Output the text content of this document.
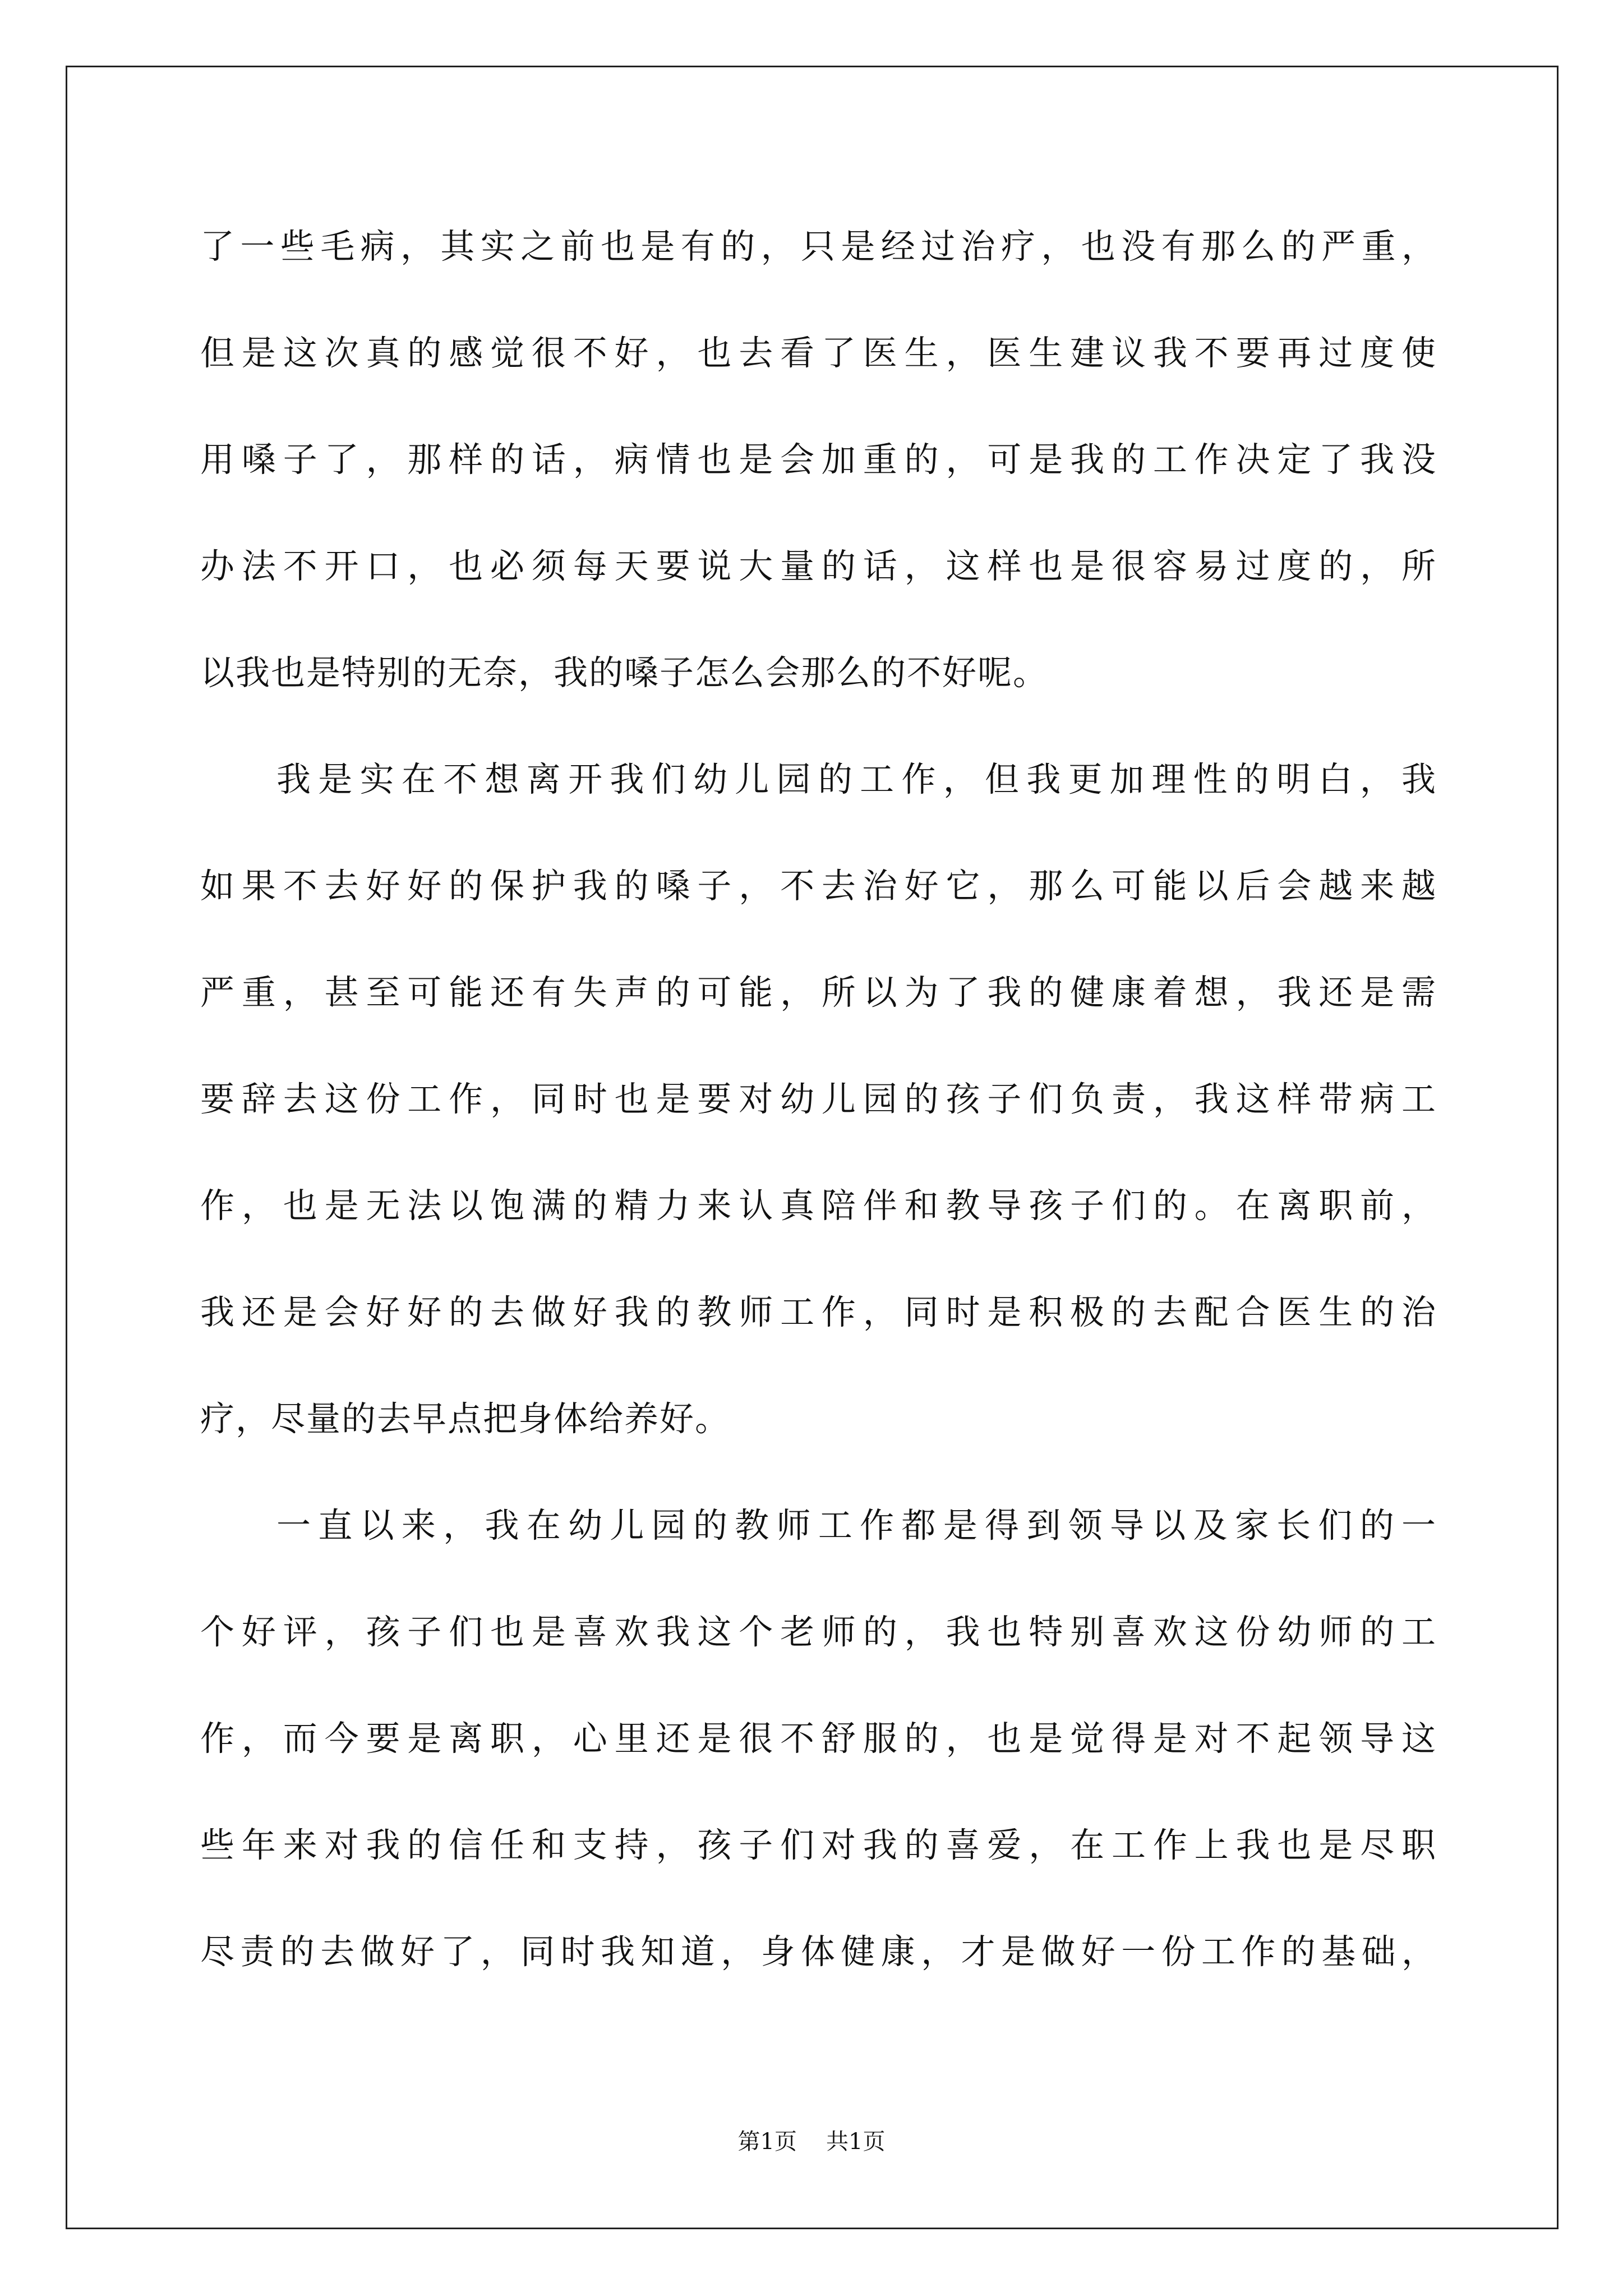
了一些毛病，其实之前也是有的，只是经过治疗，也没有那么的严重，
但是这次真的感觉很不好，也去看了医生，医生建议我不要再过度使
用嗓子了，那样的话，病情也是会加重的，可是我的工作决定了我没
办法不开口，也必须每天要说大量的话，这样也是很容易过度的，所
以我也是特别的无奈，我的嗓子怎么会那么的不好呢。
我是实在不想离开我们幼儿园的工作，但我更加理性的明白，我
如果不去好好的保护我的嗓子，不去治好它，那么可能以后会越来越
严重，甚至可能还有失声的可能，所以为了我的健康着想，我还是需
要辞去这份工作，同时也是要对幼儿园的孩子们负责，我这样带病工
作，也是无法以饱满的精力来认真陪伴和教导孩子们的。在离职前，
我还是会好好的去做好我的教师工作，同时是积极的去配合医生的治
疗，尽量的去早点把身体给养好。
一直以来，我在幼儿园的教师工作都是得到领导以及家长们的一
个好评，孩子们也是喜欢我这个老师的，我也特别喜欢这份幼师的工
作，而今要是离职，心里还是很不舒服的，也是觉得是对不起领导这
些年来对我的信任和支持，孩子们对我的喜爱，在工作上我也是尽职
尽责的去做好了，同时我知道，身体健康，才是做好一份工作的基础，
第1页 共1页
